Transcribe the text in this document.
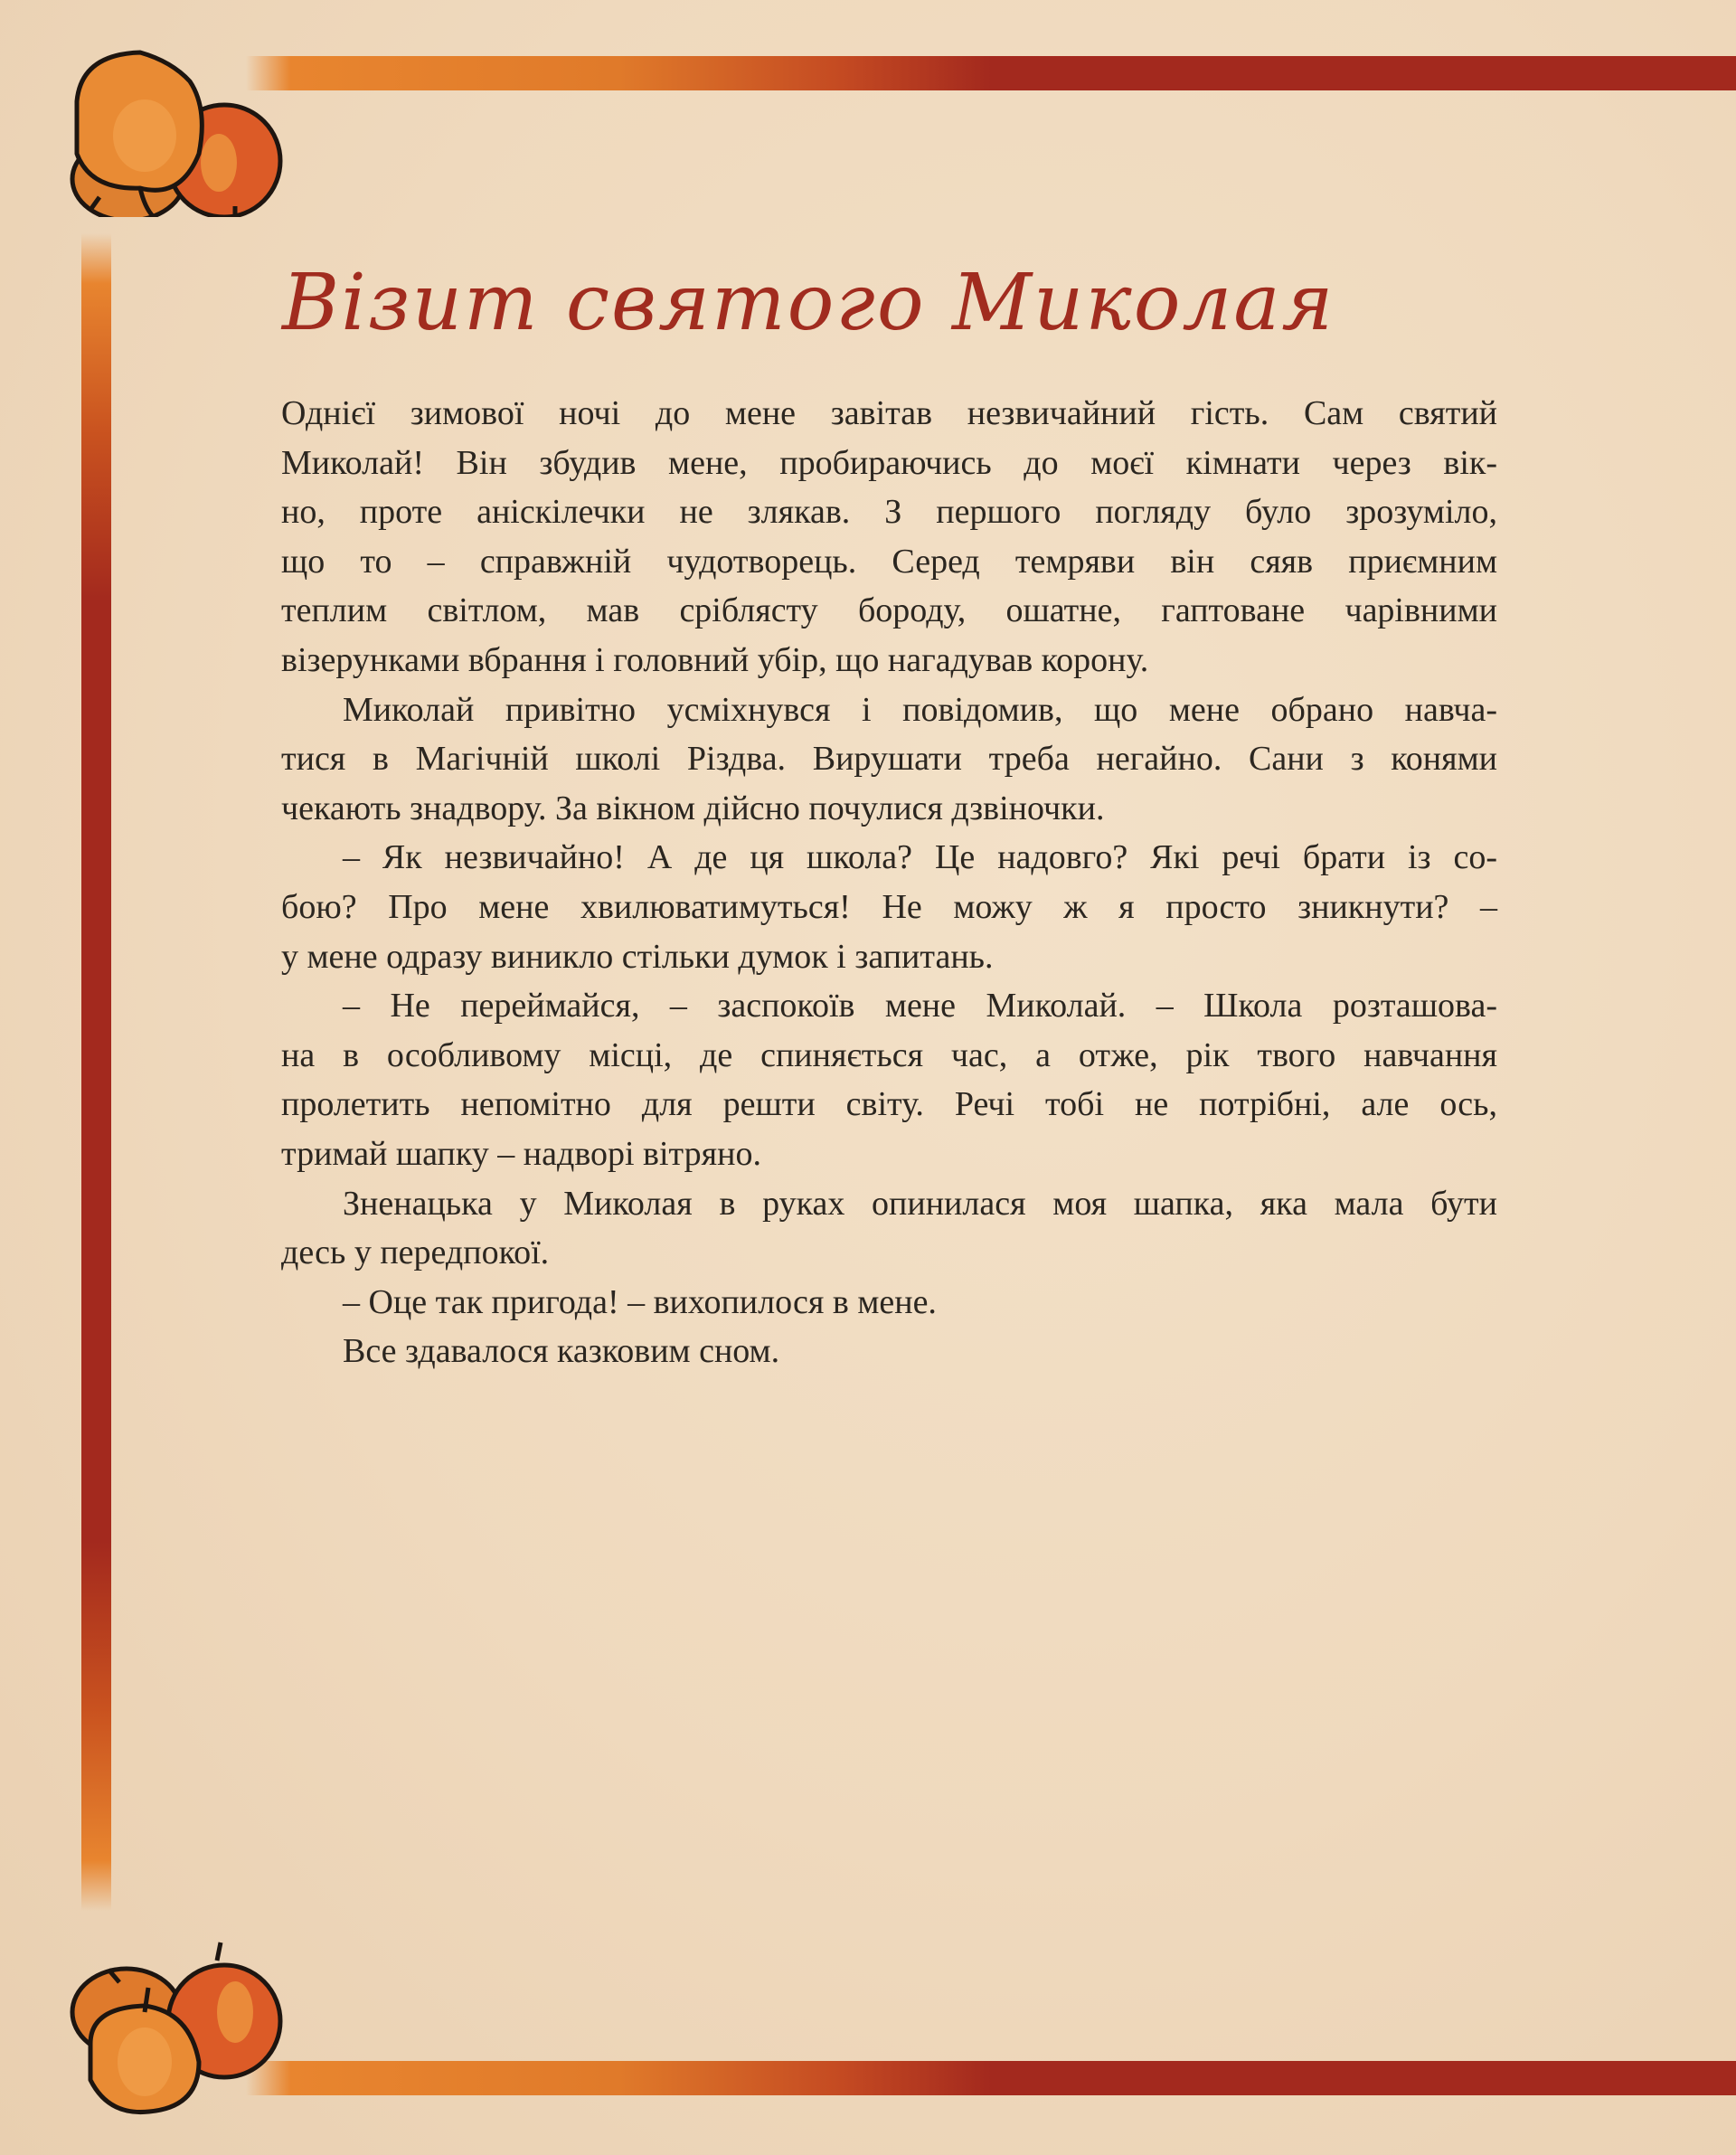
Візит святого Миколая
Однієї зимової ночі до мене завітав незвичайний гість. Сам святий
Миколай! Він збудив мене, пробираючись до моєї кімнати через вік-
но, проте аніскілечки не злякав. З першого погляду було зрозуміло,
що то – справжній чудотворець. Серед темряви він сяяв приємним
теплим світлом, мав сріблясту бороду, ошатне, гаптоване чарівними
візерунками вбрання і головний убір, що нагадував корону.
Миколай привітно усміхнувся і повідомив, що мене обрано навча-
тися в Магічній школі Різдва. Вирушати треба негайно. Сани з конями
чекають знадвору. За вікном дійсно почулися дзвіночки.
– Як незвичайно! А де ця школа? Це надовго? Які речі брати із со-
бою? Про мене хвилюватимуться! Не можу ж я просто зникнути? –
у мене одразу виникло стільки думок і запитань.
– Не переймайся, – заспокоїв мене Миколай. – Школа розташова-
на в особливому місці, де спиняється час, а отже, рік твого навчання
пролетить непомітно для решти світу. Речі тобі не потрібні, але ось,
тримай шапку – надворі вітряно.
Зненацька у Миколая в руках опинилася моя шапка, яка мала бути
десь у передпокої.
– Оце так пригода! – вихопилося в мене.
Все здавалося казковим сном.
